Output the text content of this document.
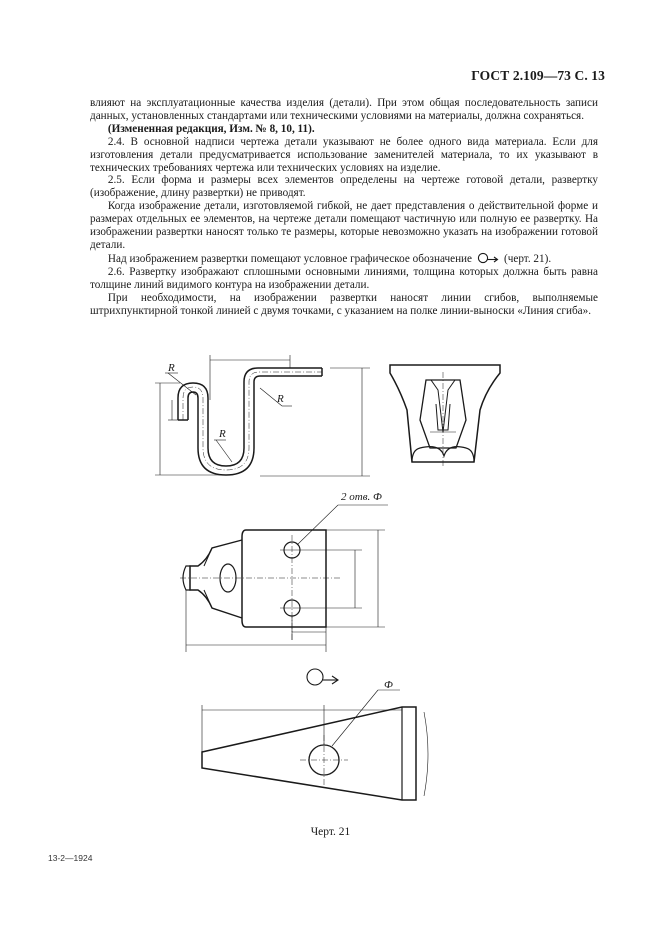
ГОСТ 2.109—73 С. 13

влияют на эксплуатационные качества изделия (детали). При этом общая последовательность записи данных, установленных стандартами или техническими условиями на материалы, должна сохраняться.

(Измененная редакция, Изм. № 8, 10, 11).

2.4. В основной надписи чертежа детали указывают не более одного вида материала. Если для изготовления детали предусматривается использование заменителей материала, то их указывают в технических требованиях чертежа или технических условиях на изделие.

2.5. Если форма и размеры всех элементов определены на чертеже готовой детали, развертку (изображение, длину развертки) не приводят.

Когда изображение детали, изготовляемой гибкой, не дает представления о действительной форме и размерах отдельных ее элементов, на чертеже детали помещают частичную или полную ее развертку. На изображении развертки наносят только те размеры, которые невозможно указать на изображении готовой детали.

Над изображением развертки помещают условное графическое обозначение	(черт. 21).

2.6. Развертку изображают сплошными основными линиями, толщина которых должна быть равна толщине линий видимого контура на изображении детали.

При необходимости, на изображении развертки наносят линии сгибов, выполняемые штрихпунктирной тонкой линией с двумя точками, с указанием на полке линии-выноски «Линия сгиба».

R
R
R
2 отв. Ф
Ф
Черт. 21
13-2—1924
